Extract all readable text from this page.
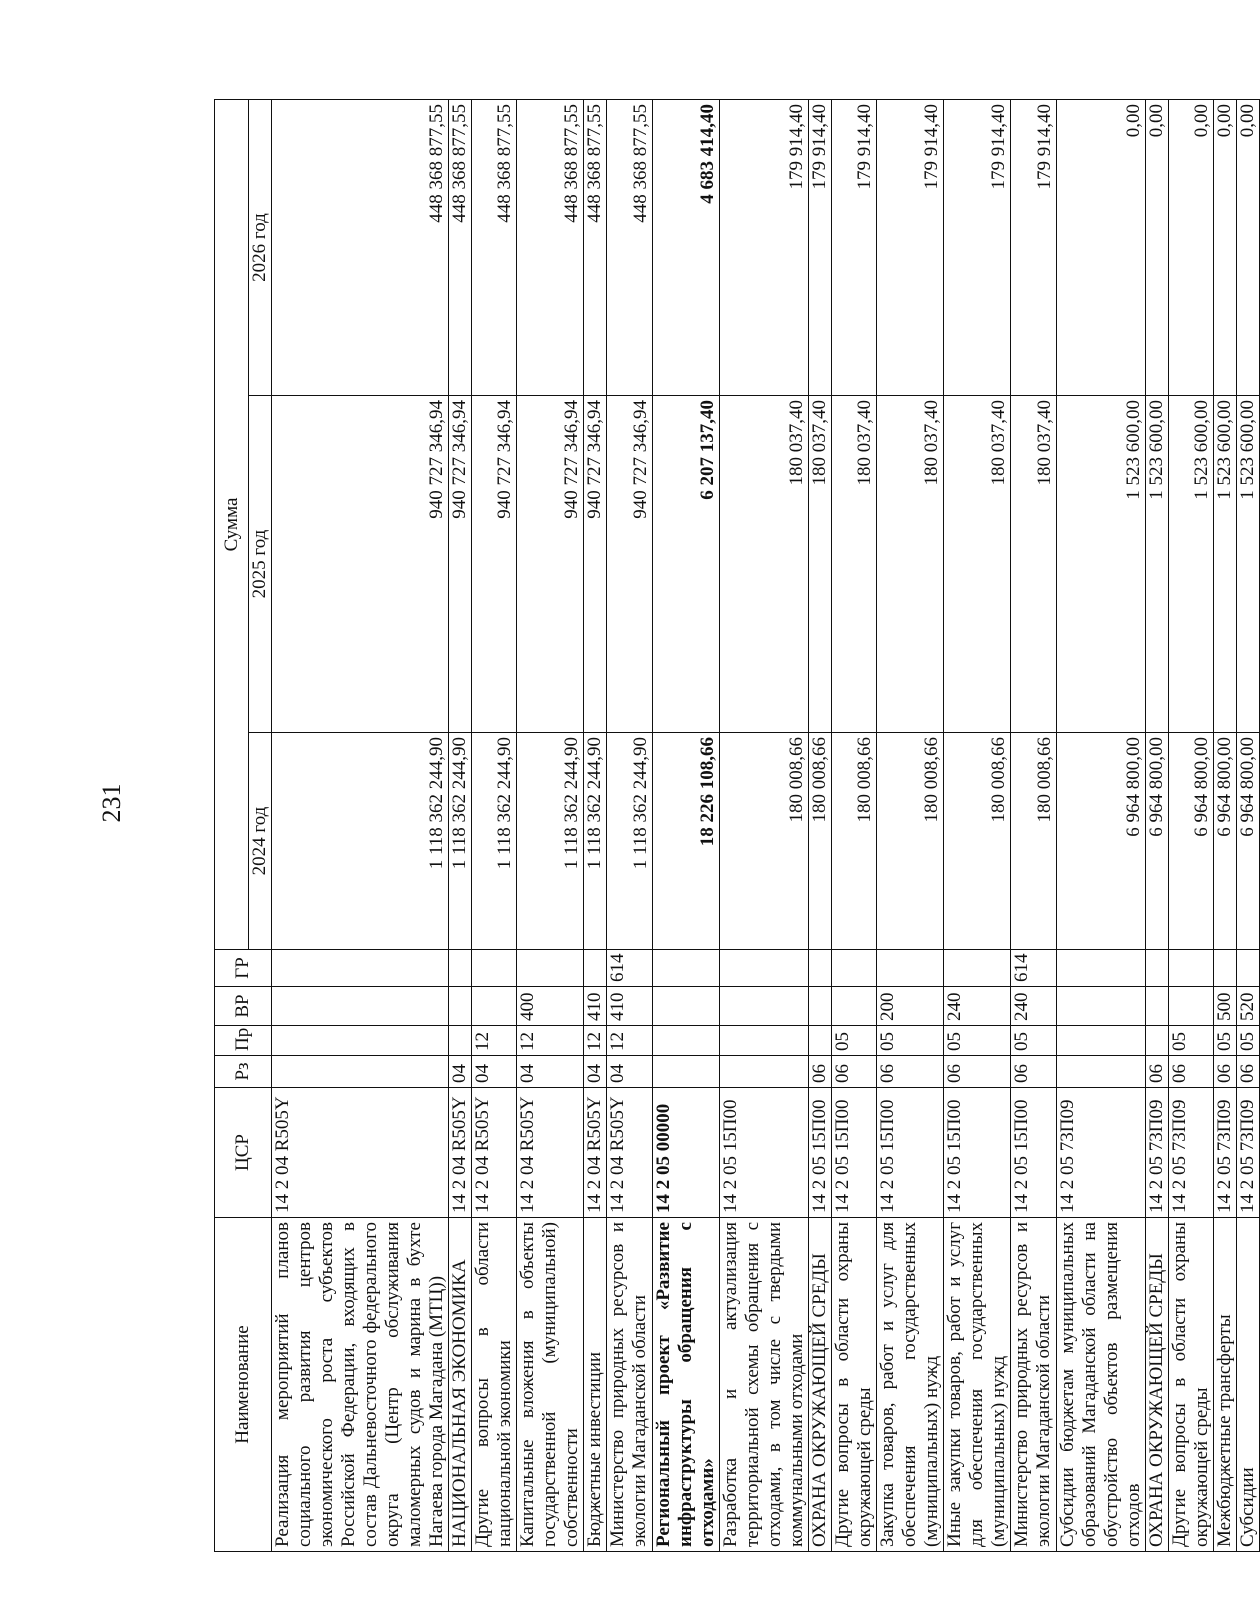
231
Наименование	ЦСР	Рз	Пр	ВР	ГР	Сумма		
						2024 год	2025 год	2026 год
Реализация мероприятий планов социального развития центров экономического роста субъектов Российской Федерации, входящих в состав Дальневосточного федерального округа (Центр обслуживания маломерных судов и марина в бухте Нагаева города Магадана (МТЦ))	14 2 04 R505Y					1 118 362 244,90	940 727 346,94	448 368 877,55
НАЦИОНАЛЬНАЯ ЭКОНОМИКА	14 2 04 R505Y	04				1 118 362 244,90	940 727 346,94	448 368 877,55
Другие вопросы в области национальной экономики	14 2 04 R505Y	04	12			1 118 362 244,90	940 727 346,94	448 368 877,55
Капитальные вложения в объекты государственной (муниципальной) собственности	14 2 04 R505Y	04	12	400		1 118 362 244,90	940 727 346,94	448 368 877,55
Бюджетные инвестиции	14 2 04 R505Y	04	12	410		1 118 362 244,90	940 727 346,94	448 368 877,55
Министерство природных ресурсов и экологии Магаданской области	14 2 04 R505Y	04	12	410	614	1 118 362 244,90	940 727 346,94	448 368 877,55
Региональный проект «Развитие инфраструктуры обращения с отходами»	14 2 05 00000					18 226 108,66	6 207 137,40	4 683 414,40
Разработка и актуализация территориальной схемы обращения с отходами, в том числе с твердыми коммунальными отходами	14 2 05 15П00					180 008,66	180 037,40	179 914,40
ОХРАНА ОКРУЖАЮЩЕЙ СРЕДЫ	14 2 05 15П00	06				180 008,66	180 037,40	179 914,40
Другие вопросы в области охраны окружающей среды	14 2 05 15П00	06	05			180 008,66	180 037,40	179 914,40
Закупка товаров, работ и услуг для обеспечения государственных (муниципальных) нужд	14 2 05 15П00	06	05	200		180 008,66	180 037,40	179 914,40
Иные закупки товаров, работ и услуг для обеспечения государственных (муниципальных) нужд	14 2 05 15П00	06	05	240		180 008,66	180 037,40	179 914,40
Министерство природных ресурсов и экологии Магаданской области	14 2 05 15П00	06	05	240	614	180 008,66	180 037,40	179 914,40
Субсидии бюджетам муниципальных образований Магаданской области на обустройство объектов размещения отходов	14 2 05 73П09					6 964 800,00	1 523 600,00	0,00
ОХРАНА ОКРУЖАЮЩЕЙ СРЕДЫ	14 2 05 73П09	06				6 964 800,00	1 523 600,00	0,00
Другие вопросы в области охраны окружающей среды	14 2 05 73П09	06	05			6 964 800,00	1 523 600,00	0,00
Межбюджетные трансферты	14 2 05 73П09	06	05	500		6 964 800,00	1 523 600,00	0,00
Субсидии	14 2 05 73П09	06	05	520		6 964 800,00	1 523 600,00	0,00
